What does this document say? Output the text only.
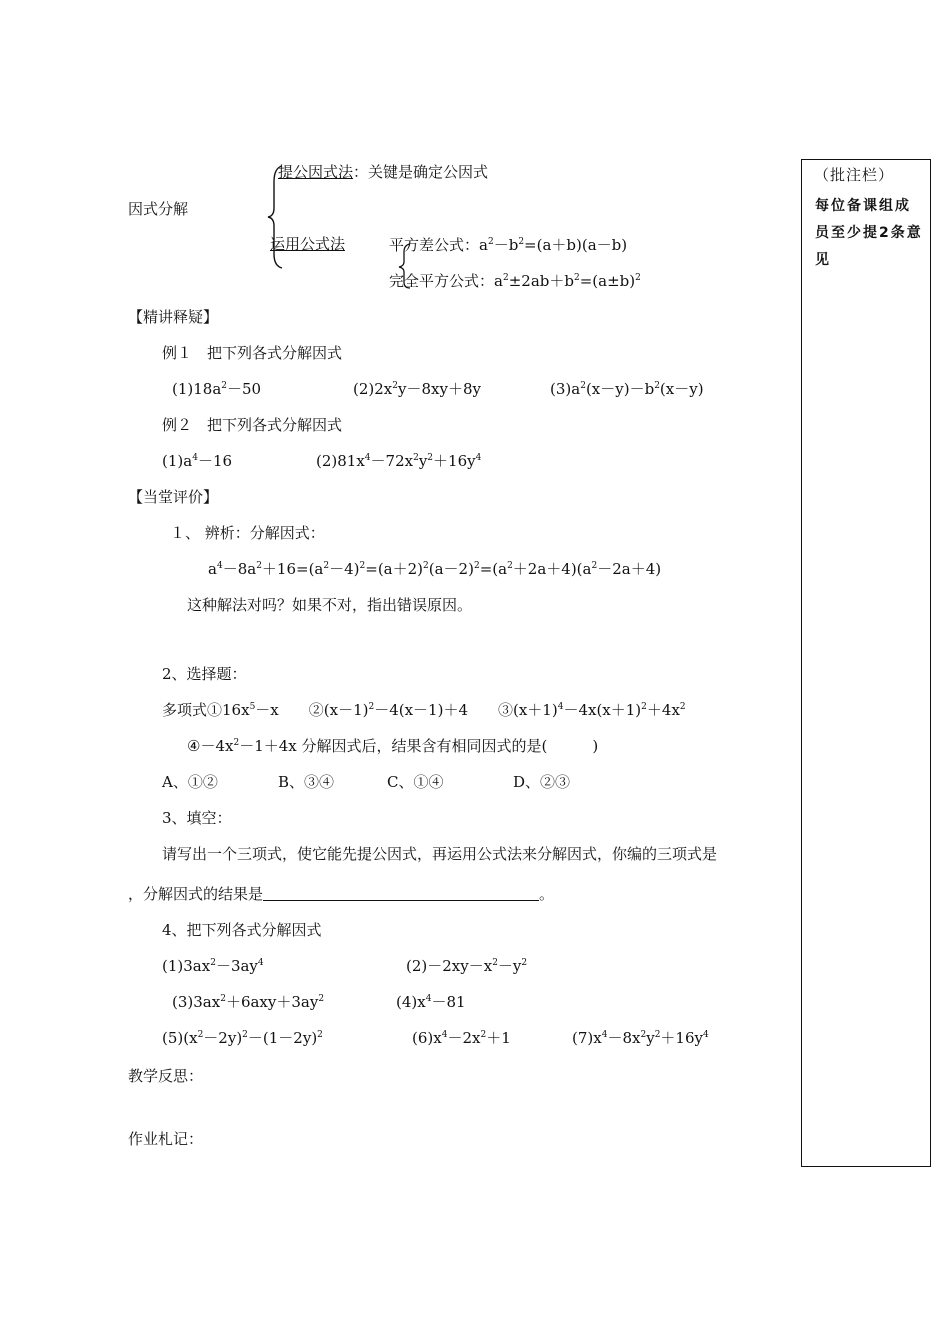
（批注栏）
每位备课组成员至少提2条意见
因式分解
提公因式法：关键是确定公因式
运用公式法	平方差公式：$a^2-b^2=(a+b)(a-b)$
完全平方公式：$a^2\pm 2ab+b^2=(a\pm b)^2$
【精讲释疑】
例１　把下列各式分解因式
$(1)18a^2-50$	$(2)2x^2y-8xy+8y$	$(3)a^2(x-y)-b^2(x-y)$
例２　把下列各式分解因式
$(1)a^4-16$	$(2)81x^4-72x^2y^2+16y^4$
【当堂评价】
１、 辨析：分解因式：
$a^4-8a^2+16=(a^2-4)^2=(a+2)^2(a-2)^2=(a^2+2a+4)(a^2-2a+4)$
这种解法对吗？如果不对，指出错误原因。
2、选择题：
多项式$①16x^5-x$　　$②(x-1)^2-4(x-1)+4$　　$③(x+1)^4-4x(x+1)^2+4x^2$
$④-4x^2-1+4x$ 分解因式后，结果含有相同因式的是(　　　)
A、①②	B、③④	C、①④	D、②③
3、填空：
请写出一个三项式，使它能先提公因式，再运用公式法来分解因式，你编的三项式是
，分解因式的结果是	。
4、把下列各式分解因式
$(1)3ax^2-3ay^4$	$(2)-2xy-x^2-y^2$
$(3)3ax^2+6axy+3ay^2$	$(4)x^4-81$
$(5)(x^2-2y)^2-(1-2y)^2$	$(6)x^4-2x^2+1$	$(7)x^4-8x^2y^2+16y^4$
教学反思：
作业札记：
